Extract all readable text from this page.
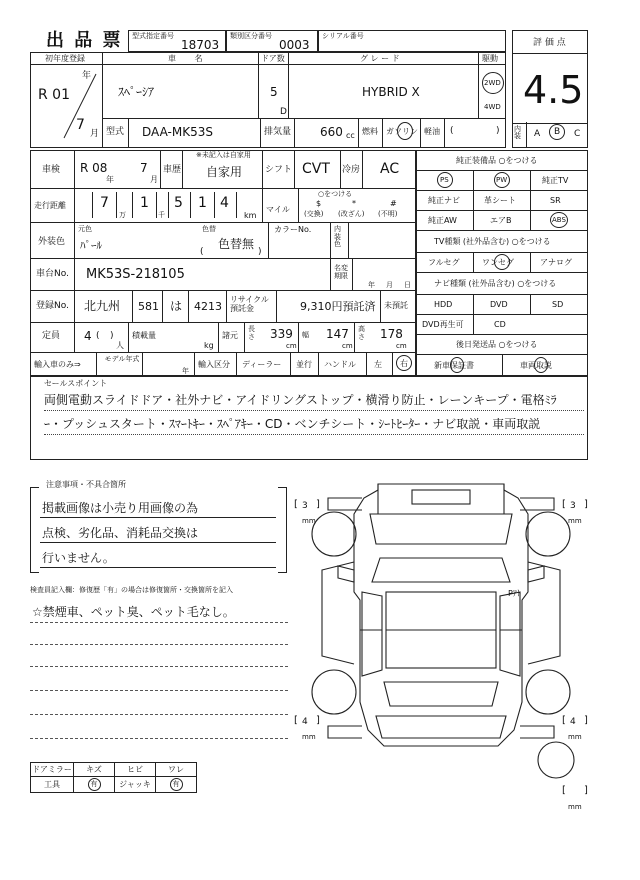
出 品 票 型式指定番号
18703
類別区分番号
0003
シリアル番号
評 価 点
4.5
初年度登録	車 名	ドア数	グ レ ー ド	駆動
年
R 01
7
月
ｽﾍﾟｰｼｱ	5
D
HYBRID X
2WD
4WD
型式 DAA-MK53S	排気量 660 cc 燃料 ガソリン 軽油 (	) 内装	A B C
車検 R 08
年
7
月
車歴
※未記入は自家用
自家用	シフト CVT 冷房 AC
走行距離 7
万
1
千
5 1 4
km
マイル
○をつける
$
(交換)
*
(改ざん)
#
(不明)
外装色
元色
ﾊﾟｰﾙ
色替
色替無
(	)
カラーNo.	内装色
車台No. MK53S-218105	名変期限
年 月 日
登録No. 北九州 581 は 4213
リサイクル預託金	9,310円預託済 未預託
定員 4 (
人
) 積載量
kg
諸元
長さ 339
cm
幅 147
cm
高さ 178
cm
輸入車のみ⇒
モデル年式
年
輸入区分 ディーラー 並行 ハンドル 左 右
純正装備品 ○をつける
PS	PW	純正TV
純正ナビ	革シート	SR
純正AW	エアB	ABS
TV種類 (社外品含む) ○をつける
フルセグ	ワンセグ	アナログ
ナビ種類 (社外品含む) ○をつける
HDD	DVD	SD
DVD再生可	CD
後日発送品 ○をつける
新車保証書	車両取説
セールスポイント
両側電動スライドドア・社外ナビ・アイドリングストップ・横滑り防止・レーンキープ・電格ﾐﾗ
ｰ・プッシュスタート・ｽﾏｰﾄｷｰ・ｽﾍﾟｱｷｰ・CD・ベンチシート・ｼｰﾄﾋｰﾀｰ・ナビ取説・車両取説
注意事項・不具合箇所
掲載画像は小売り用画像の為
点検、劣化品、消耗品交換は
行いません。
検査員記入欄：修復歴「有」の場合は修復箇所・交換箇所を記入
☆禁煙車、ペット臭、ペット毛なし。
ドアミラー	キズ	ヒビ	ワレ
工具	有	ジャッキ	有
[ 3 ]
mm
[ 3 ]
mm
[ 4 ]
mm
[ 4 ]
mm
[ ]
mm
Pｱﾄ
